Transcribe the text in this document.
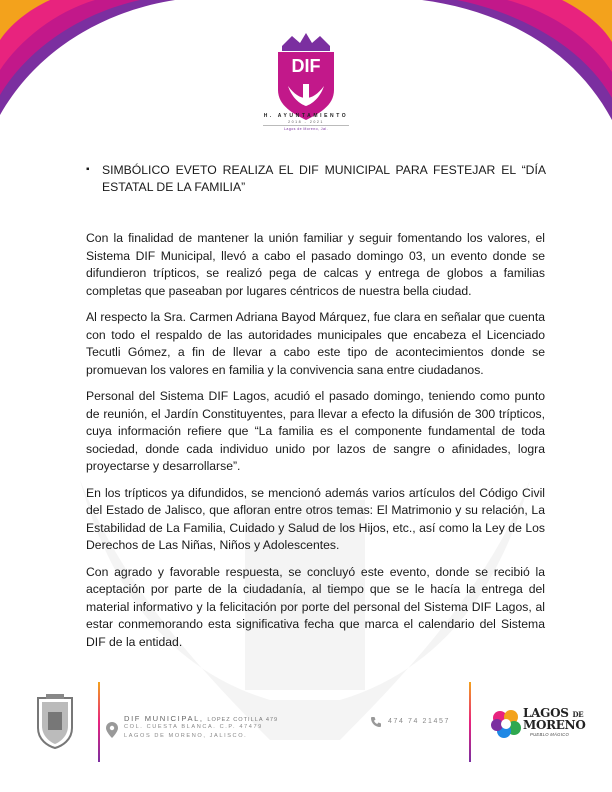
DIF
H. AYUNTAMIENTO
2018 - 2021
Lagos de Moreno, Jal.
▪ SIMBÓLICO EVETO REALIZA EL DIF MUNICIPAL PARA FESTEJAR EL “DÍA ESTATAL DE LA FAMILIA”

Con la finalidad de mantener la unión familiar y seguir fomentando los valores, el Sistema DIF Municipal, llevó a cabo el pasado domingo 03, un evento donde se difundieron trípticos, se realizó pega de calcas y entrega de globos a familias completas que paseaban por lugares céntricos de nuestra bella ciudad.

Al respecto la Sra. Carmen Adriana Bayod Márquez, fue clara en señalar que cuenta con todo el respaldo de las autoridades municipales que encabeza el Licenciado Tecutli Gómez, a fin de llevar a cabo este tipo de acontecimientos donde se promuevan los valores en familia y la convivencia sana entre ciudadanos.

Personal del Sistema DIF Lagos, acudió el pasado domingo, teniendo como punto de reunión, el Jardín Constituyentes, para llevar a efecto la difusión de 300 trípticos, cuya información refiere que “La familia es el componente fundamental de toda sociedad, donde cada individuo unido por lazos de sangre o afinidades, logra proyectarse y desarrollarse”.

En los trípticos ya difundidos, se mencionó además varios artículos del Código Civil del Estado de Jalisco, que afloran entre otros temas: El Matrimonio y su relación, La Estabilidad de La Familia, Cuidado y Salud de los Hijos, etc., así como la Ley de Los Derechos de Las Niñas, Niños y Adolescentes.

Con agrado y favorable respuesta, se concluyó este evento, donde se recibió la aceptación por parte de la ciudadanía, al tiempo que se le hacía la entrega del material informativo y la felicitación por porte del personal del Sistema DIF Lagos, al estar conmemorando esta significativa fecha que marca el calendario del Sistema DIF de la entidad.

DIF MUNICIPAL, LOPEZ COTILLA 479
COL. CUESTA BLANCA. C.P. 47479
LAGOS DE MORENO, JALISCO.
474 74 21457
LAGOS DE
MORENO
PUEBLO MÁGICO
